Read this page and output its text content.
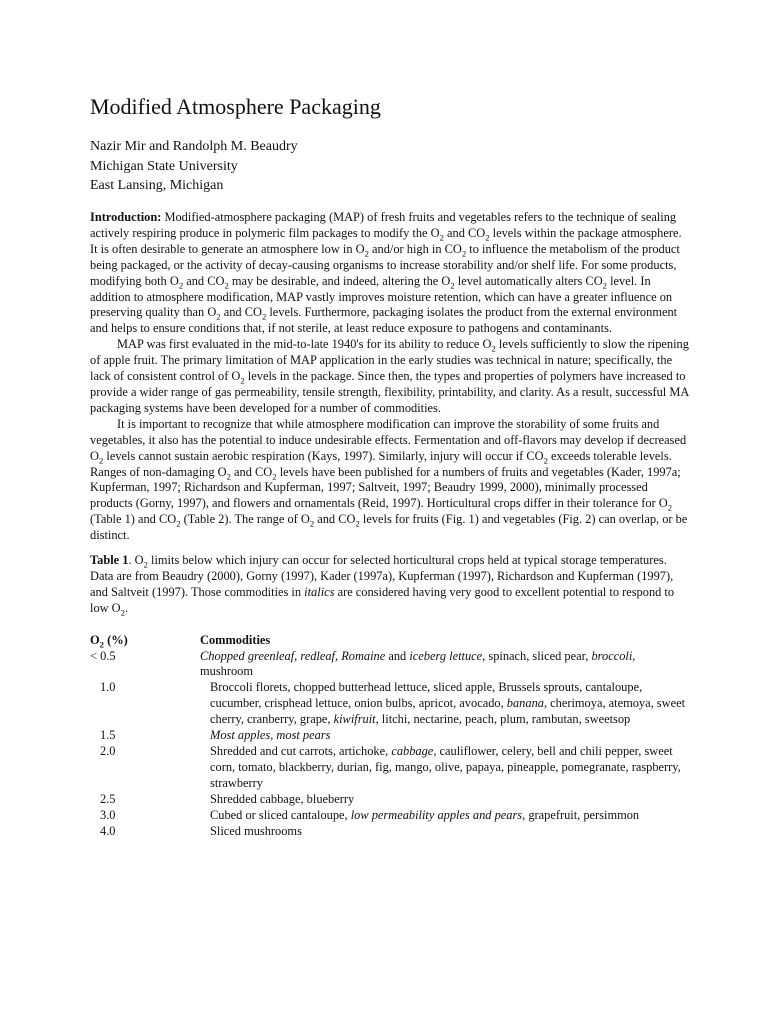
Modified Atmosphere Packaging
Nazir Mir and Randolph M. Beaudry
Michigan State University
East Lansing, Michigan

Introduction: Modified-atmosphere packaging (MAP) of fresh fruits and vegetables refers to the technique of sealing actively respiring produce in polymeric film packages to modify the $O_2$ and $CO_2$ levels within the package atmosphere. It is often desirable to generate an atmosphere low in $O_2$ and/or high in $CO_2$ to influence the metabolism of the product being packaged, or the activity of decay-causing organisms to increase storability and/or shelf life. For some products, modifying both $O_2$ and $CO_2$ may be desirable, and indeed, altering the $O_2$ level automatically alters $CO_2$ level. In addition to atmosphere modification, MAP vastly improves moisture retention, which can have a greater influence on preserving quality than $O_2$ and $CO_2$ levels. Furthermore, packaging isolates the product from the external environment and helps to ensure conditions that, if not sterile, at least reduce exposure to pathogens and contaminants.

MAP was first evaluated in the mid-to-late 1940's for its ability to reduce $O_2$ levels sufficiently to slow the ripening of apple fruit. The primary limitation of MAP application in the early studies was technical in nature; specifically, the lack of consistent control of $O_2$ levels in the package. Since then, the types and properties of polymers have increased to provide a wider range of gas permeability, tensile strength, flexibility, printability, and clarity. As a result, successful MA packaging systems have been developed for a number of commodities.

It is important to recognize that while atmosphere modification can improve the storability of some fruits and vegetables, it also has the potential to induce undesirable effects. Fermentation and off-flavors may develop if decreased $O_2$ levels cannot sustain aerobic respiration (Kays, 1997). Similarly, injury will occur if $CO_2$ exceeds tolerable levels. Ranges of non-damaging $O_2$ and $CO_2$ levels have been published for a numbers of fruits and vegetables (Kader, 1997a; Kupferman, 1997; Richardson and Kupferman, 1997; Saltveit, 1997; Beaudry 1999, 2000), minimally processed products (Gorny, 1997), and flowers and ornamentals (Reid, 1997). Horticultural crops differ in their tolerance for $O_2$ (Table 1) and $CO_2$ (Table 2). The range of $O_2$ and $CO_2$ levels for fruits (Fig. 1) and vegetables (Fig. 2) can overlap, or be distinct.

Table 1. $O_2$ limits below which injury can occur for selected horticultural crops held at typical storage temperatures. Data are from Beaudry (2000), Gorny (1997), Kader (1997a), Kupferman (1997), Richardson and Kupferman (1997), and Saltveit (1997). Those commodities in italics are considered having very good to excellent potential to respond to low $O_2$.

$O_2$ (%)	Commodities
< 0.5	Chopped greenleaf, redleaf, Romaine and iceberg lettuce, spinach, sliced pear, broccoli, mushroom
1.0	Broccoli florets, chopped butterhead lettuce, sliced apple, Brussels sprouts, cantaloupe, cucumber, crisphead lettuce, onion bulbs, apricot, avocado, banana, cherimoya, atemoya, sweet cherry, cranberry, grape, kiwifruit, litchi, nectarine, peach, plum, rambutan, sweetsop
1.5	Most apples, most pears
2.0	Shredded and cut carrots, artichoke, cabbage, cauliflower, celery, bell and chili pepper, sweet corn, tomato, blackberry, durian, fig, mango, olive, papaya, pineapple, pomegranate, raspberry, strawberry
2.5	Shredded cabbage, blueberry
3.0	Cubed or sliced cantaloupe, low permeability apples and pears, grapefruit, persimmon
4.0	Sliced mushrooms
